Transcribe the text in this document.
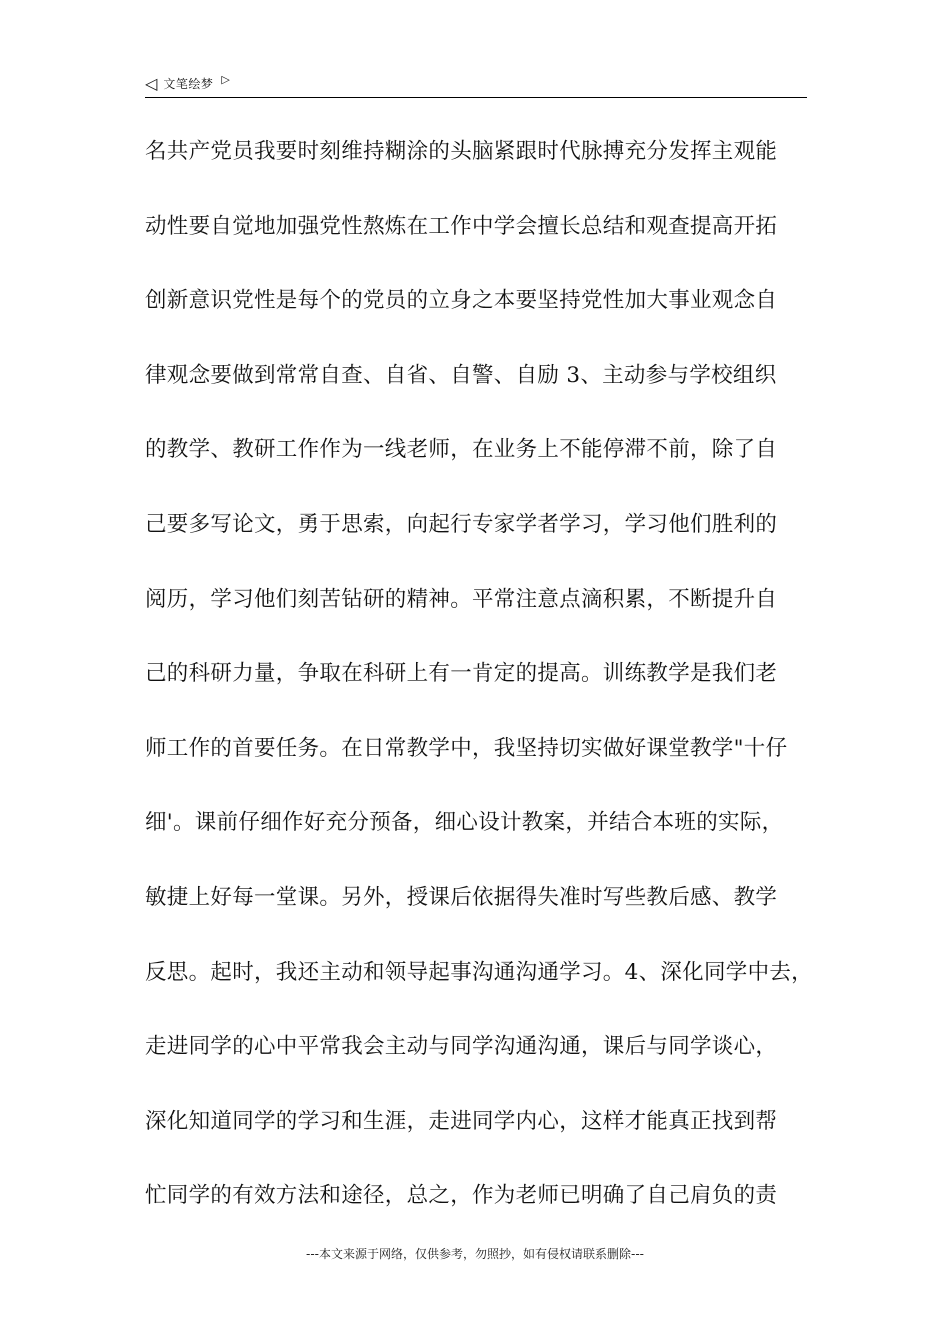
◁ 文笔绘梦 ▷
名共产党员我要时刻维持糊涂的头脑紧跟时代脉搏充分发挥主观能
动性要自觉地加强党性熬炼在工作中学会擅长总结和观查提高开拓
创新意识党性是每个的党员的立身之本要坚持党性加大事业观念自
律观念要做到常常自查、自省、自警、自励 3、主动参与学校组织
的教学、教研工作作为一线老师，在业务上不能停滞不前，除了自
己要多写论文，勇于思索，向起行专家学者学习，学习他们胜利的
阅历，学习他们刻苦钻研的精神。平常注意点滴积累，不断提升自
己的科研力量，争取在科研上有一肯定的提高。训练教学是我们老
师工作的首要任务。在日常教学中，我坚持切实做好课堂教学"十仔
细'。课前仔细作好充分预备，细心设计教案，并结合本班的实际，
敏捷上好每一堂课。另外，授课后依据得失准时写些教后感、教学
反思。起时，我还主动和领导起事沟通沟通学习。4、深化同学中去，
走进同学的心中平常我会主动与同学沟通沟通，课后与同学谈心，
深化知道同学的学习和生涯，走进同学内心，这样才能真正找到帮
忙同学的有效方法和途径，总之，作为老师已明确了自己肩负的责
---本文来源于网络，仅供参考，勿照抄，如有侵权请联系删除---
